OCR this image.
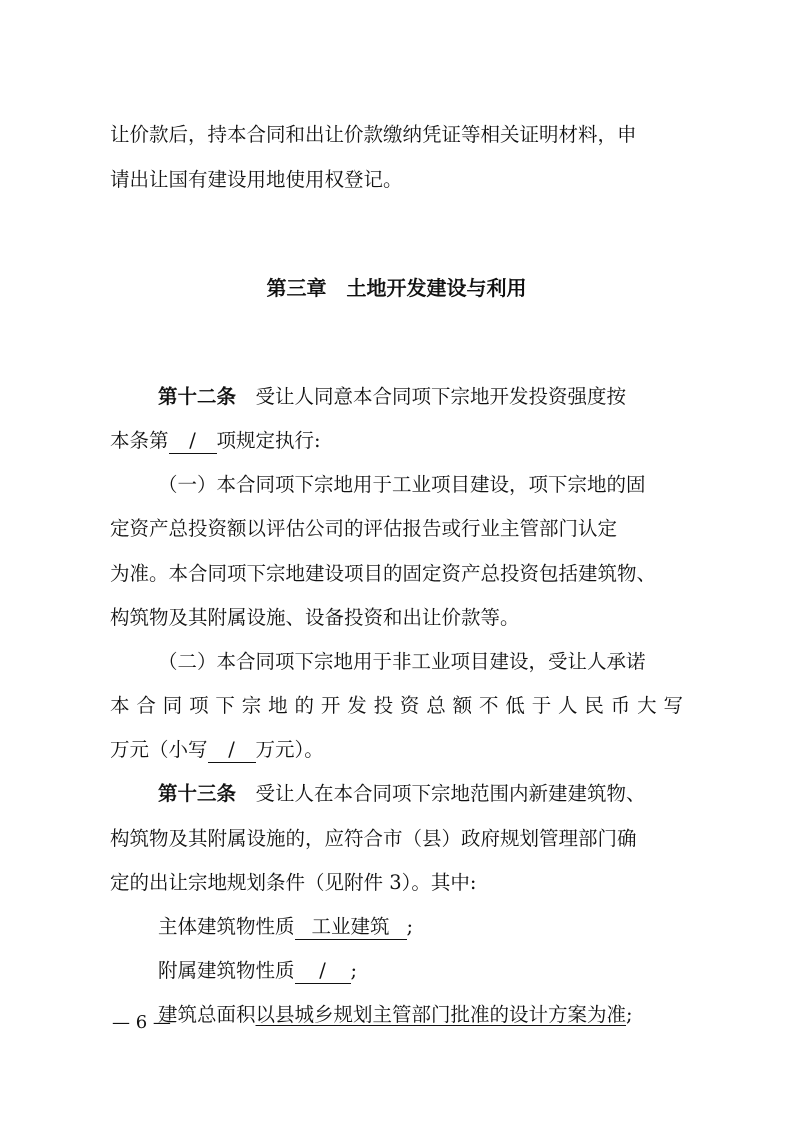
让价款后，持本合同和出让价款缴纳凭证等相关证明材料，申
请出让国有建设用地使用权登记。
第三章　土地开发建设与利用
第十二条　受让人同意本合同项下宗地开发投资强度按
本条第 / 项规定执行:
（一）本合同项下宗地用于工业项目建设，项下宗地的固
定资产总投资额以评估公司的评估报告或行业主管部门认定
为准。本合同项下宗地建设项目的固定资产总投资包括建筑物、
构筑物及其附属设施、设备投资和出让价款等。
（二）本合同项下宗地用于非工业项目建设，受让人承诺
本合同项下宗地的开发投资总额不低于人民币大写
万元（小写 / 万元）。
第十三条　受让人在本合同项下宗地范围内新建建筑物、
构筑物及其附属设施的，应符合市（县）政府规划管理部门确
定的出让宗地规划条件（见附件 3）。其中:
主体建筑物性质 工业建筑 ;
附属建筑物性质 / ;
建筑总面积以县城乡规划主管部门批准的设计方案为准;
— 6 —
